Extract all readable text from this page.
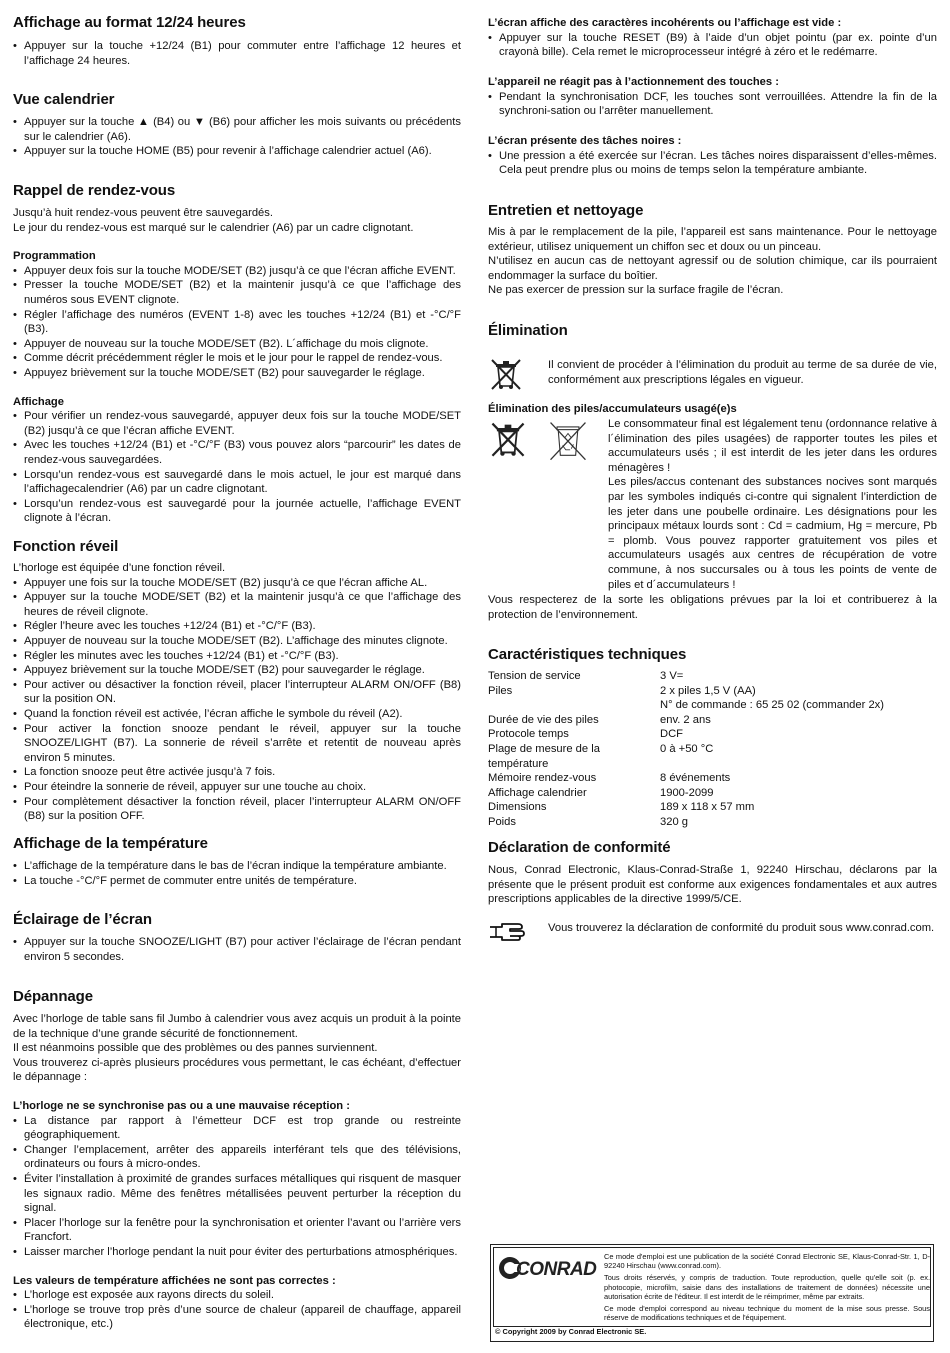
Affichage au format 12/24 heures
• Appuyer sur la touche +12/24 (B1) pour commuter entre l’affichage 12 heures et l’affichage 24 heures.
Vue calendrier
• Appuyer sur la touche ▲ (B4) ou ▼ (B6) pour afficher les mois suivants ou précédents sur le calendrier (A6).
• Appuyer sur la touche HOME (B5) pour revenir à l’affichage calendrier actuel (A6).
Rappel de rendez-vous

Jusqu’à huit rendez-vous peuvent être sauvegardés.

Le jour du rendez-vous est marqué sur le calendrier (A6) par un cadre clignotant.

Programmation
• Appuyer deux fois sur la touche MODE/SET (B2) jusqu’à ce que l’écran affiche EVENT.
• Presser la touche MODE/SET (B2) et la maintenir jusqu’à ce que l’affichage des numéros sous EVENT clignote.
• Régler l’affichage des numéros (EVENT 1-8) avec les touches +12/24 (B1) et -°C/°F (B3).
• Appuyer de nouveau sur la touche MODE/SET (B2). L´affichage du mois clignote.
• Comme décrit précédemment régler le mois et le jour pour le rappel de rendez-vous.
• Appuyez brièvement sur la touche MODE/SET (B2) pour sauvegarder le réglage.
Affichage
• Pour vérifier un rendez-vous sauvegardé, appuyer deux fois sur la touche MODE/SET (B2) jusqu’à ce que l’écran affiche EVENT.
• Avec les touches +12/24 (B1) et -°C/°F (B3) vous pouvez alors “parcourir” les dates de rendez-vous sauvegardées.
• Lorsqu’un rendez-vous est sauvegardé dans le mois actuel, le jour est marqué dans l’affichagecalendrier (A6) par un cadre clignotant.
• Lorsqu’un rendez-vous est sauvegardé pour la journée actuelle, l’affichage EVENT clignote à l’écran.
Fonction réveil

L’horloge est équipée d’une fonction réveil.

• Appuyer une fois sur la touche MODE/SET (B2) jusqu’à ce que l’écran affiche AL.
• Appuyer sur la touche MODE/SET (B2) et la maintenir jusqu’à ce que l’affichage des heures de réveil clignote.
• Régler l’heure avec les touches +12/24 (B1) et -°C/°F (B3).
• Appuyer de nouveau sur la touche MODE/SET (B2). L’affichage des minutes clignote.
• Régler les minutes avec les touches +12/24 (B1) et -°C/°F (B3).
• Appuyez brièvement sur la touche MODE/SET (B2) pour sauvegarder le réglage.
• Pour activer ou désactiver la fonction réveil, placer l’interrupteur ALARM ON/OFF (B8) sur la position ON.
• Quand la fonction réveil est activée, l’écran affiche le symbole du réveil (A2).
• Pour activer la fonction snooze pendant le réveil, appuyer sur la touche SNOOZE/LIGHT (B7). La sonnerie de réveil s’arrête et retentit de nouveau après environ 5 minutes.
• La fonction snooze peut être activée jusqu’à 7 fois.
• Pour éteindre la sonnerie de réveil, appuyer sur une touche au choix.
• Pour complètement désactiver la fonction réveil, placer l’interrupteur ALARM ON/OFF (B8) sur la position OFF.
Affichage de la température
• L’affichage de la température dans le bas de l’écran indique la température ambiante.
• La touche -°C/°F permet de commuter entre unités de température.
Éclairage de l’écran
• Appuyer sur la touche SNOOZE/LIGHT (B7) pour activer l’éclairage de l’écran pendant environ 5 secondes.
Dépannage

Avec l’horloge de table sans fil Jumbo à calendrier vous avez acquis un produit à la pointe de la technique d’une grande sécurité de fonctionnement.

Il est néanmoins possible que des problèmes ou des pannes surviennent.

Vous trouverez ci-après plusieurs procédures vous permettant, le cas échéant, d’effectuer le dépannage :

L’horloge ne se synchronise pas ou a une mauvaise réception :
• La distance par rapport à l’émetteur DCF est trop grande ou restreinte géographiquement.
• Changer l’emplacement, arrêter des appareils interférant tels que des télévisions, ordinateurs ou fours à micro-ondes.
• Éviter l’installation à proximité de grandes surfaces métalliques qui risquent de masquer les signaux radio. Même des fenêtres métallisées peuvent perturber la réception du signal.
• Placer l’horloge sur la fenêtre pour la synchronisation et orienter l’avant ou l’arrière vers Francfort.
• Laisser marcher l’horloge pendant la nuit pour éviter des perturbations atmosphériques.
Les valeurs de température affichées ne sont pas correctes :
• L’horloge est exposée aux rayons directs du soleil.
• L’horloge se trouve trop près d’une source de chaleur (appareil de chauffage, appareil électronique, etc.)
L’écran affiche des caractères incohérents ou l’affichage est vide :
• Appuyer sur la touche RESET (B9) à l’aide d’un objet pointu (par ex. pointe d’un crayonà bille). Cela remet le microprocesseur intégré à zéro et le redémarre.
L’appareil ne réagit pas à l’actionnement des touches :
• Pendant la synchronisation DCF, les touches sont verrouillées. Attendre la fin de la synchroni-sation ou l’arrêter manuellement.
L’écran présente des tâches noires :
• Une pression a été exercée sur l’écran. Les tâches noires disparaissent d’elles-mêmes. Cela peut prendre plus ou moins de temps selon la température ambiante.
Entretien et nettoyage

Mis à par le remplacement de la pile, l’appareil est sans maintenance. Pour le nettoyage extérieur, utilisez uniquement un chiffon sec et doux ou un pinceau.

N’utilisez en aucun cas de nettoyant agressif ou de solution chimique, car ils pourraient endommager la surface du boîtier.

Ne pas exercer de pression sur la surface fragile de l’écran.

Élimination

Il convient de procéder à l’élimination du produit au terme de sa durée de vie, conformément aux prescriptions légales en vigueur.

Élimination des piles/accumulateurs usagé(e)s

Le consommateur final est légalement tenu (ordonnance relative à l´élimination des piles usagées) de rapporter toutes les piles et accumulateurs usés ; il est interdit de les jeter dans les ordures ménagères !

Les piles/accus contenant des substances nocives sont marqués par les symboles indiqués ci-contre qui signalent l’interdiction de les jeter dans une poubelle ordinaire. Les désignations pour les principaux métaux lourds sont : Cd = cadmium, Hg = mercure, Pb = plomb. Vous pouvez rapporter gratuitement vos piles et accumulateurs usagés aux centres de récupération de votre commune, à nos succursales ou à tous les points de vente de piles et d´accumulateurs !

Vous respecterez de la sorte les obligations prévues par la loi et contribuerez à la protection de l’environnement.

Caractéristiques techniques
Tension de service	3 V=
Piles	2 x piles 1,5 V (AA)
	N° de commande : 65 25 02 (commander 2x)
Durée de vie des piles	env. 2 ans
Protocole temps	DCF
Plage de mesure de la température	0 à +50 °C
Mémoire rendez-vous	8 événements
Affichage calendrier	1900-2099
Dimensions	189 x 118 x 57 mm
Poids	320 g
Déclaration de conformité

Nous, Conrad Electronic, Klaus-Conrad-Straße 1, 92240 Hirschau, déclarons par la présente que le présent produit est conforme aux exigences fondamentales et aux autres prescriptions applicables de la directive 1999/5/CE.

Vous trouverez la déclaration de conformité du produit sous www.conrad.com.

CONRAD

Ce mode d'emploi est une publication de la société Conrad Electronic SE, Klaus-Conrad-Str. 1, D-92240 Hirschau (www.conrad.com).

Tous droits réservés, y compris de traduction. Toute reproduction, quelle qu'elle soit (p. ex. photocopie, microfilm, saisie dans des installations de traitement de données) nécessite une autorisation écrite de l'éditeur. Il est interdit de le réimprimer, même par extraits.

Ce mode d'emploi correspond au niveau technique du moment de la mise sous presse. Sous réserve de modifications techniques et de l'équipement.

© Copyright 2009 by Conrad Electronic SE.
